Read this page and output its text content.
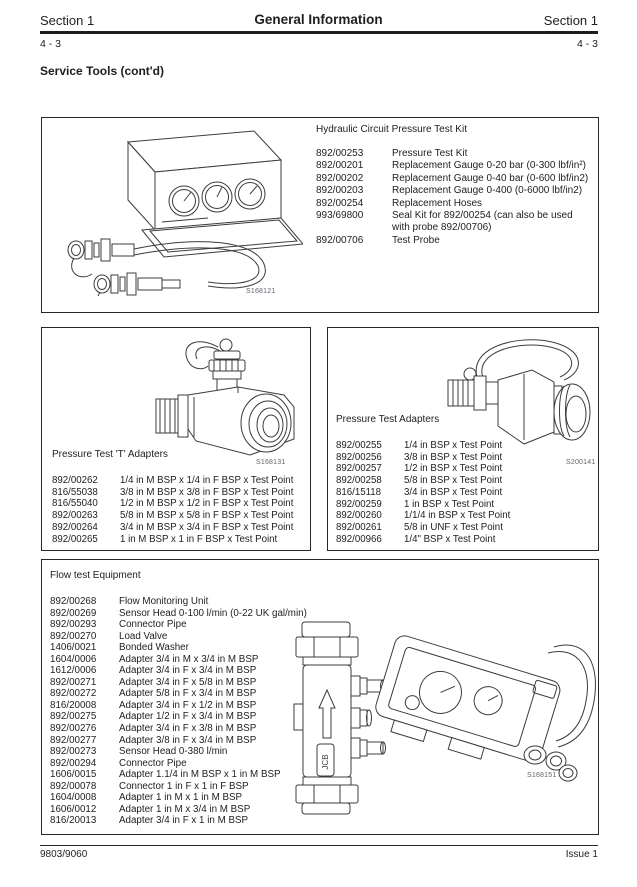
Section 1	General Information	Section 1
4 - 3	4 - 3
Service Tools (cont'd)
S168121
Hydraulic Circuit Pressure Test Kit
892/00253	Pressure Test Kit
892/00201	Replacement Gauge 0-20 bar (0-300 lbf/in²)
892/00202	Replacement Gauge 0-40 bar (0-600 lbf/in2)
892/00203	Replacement Gauge 0-400 (0-6000 lbf/in2)
892/00254	Replacement Hoses
993/69800	Seal Kit for 892/00254 (can also be used with probe 892/00706)
892/00706	Test Probe
S168131
Pressure Test 'T' Adapters
892/00262	1/4 in M BSP x 1/4 in F BSP x Test Point
816/55038	3/8 in M BSP x 3/8 in F BSP x Test Point
816/55040	1/2 in M BSP x 1/2 in F BSP x Test Point
892/00263	5/8 in M BSP x 5/8 in F BSP x Test Point
892/00264	3/4 in M BSP x 3/4 in F BSP x Test Point
892/00265	1 in M BSP x 1 in F BSP x Test Point
S200141
Pressure Test Adapters
892/00255	1/4 in BSP x Test Point
892/00256	3/8 in BSP x Test Point
892/00257	1/2 in BSP x Test Point
892/00258	5/8 in BSP x Test Point
816/15118	3/4 in BSP x Test Point
892/00259	1 in BSP x Test Point
892/00260	1/1/4 in BSP x Test Point
892/00261	5/8 in UNF x Test Point
892/00966	1/4" BSP x Test Point
Flow test Equipment
892/00268	Flow Monitoring Unit
892/00269	Sensor Head 0-100 l/min (0-22 UK gal/min)
892/00293	Connector Pipe
892/00270	Load Valve
1406/0021	Bonded Washer
1604/0006	Adapter 3/4 in M x 3/4 in M BSP
1612/0006	Adapter 3/4 in F x 3/4 in M BSP
892/00271	Adapter 3/4 in F x 5/8 in M BSP
892/00272	Adapter 5/8 in F x 3/4 in M BSP
816/20008	Adapter 3/4 in F x 1/2 in M BSP
892/00275	Adapter 1/2 in F x 3/4 in M BSP
892/00276	Adapter 3/4 in F x 3/8 in M BSP
892/00277	Adapter 3/8 in F x 3/4 in M BSP
892/00273	Sensor Head 0-380 l/min
892/00294	Connector Pipe
1606/0015	Adapter 1.1/4 in M BSP x 1 in M BSP
892/00078	Connector 1 in F x 1 in F BSP
1604/0008	Adapter 1 in M x 1 in M BSP
1606/0012	Adapter 1 in M x 3/4 in M BSP
816/20013	Adapter 3/4 in F x 1 in M BSP
JCB
S168151
9803/9060	Issue 1
